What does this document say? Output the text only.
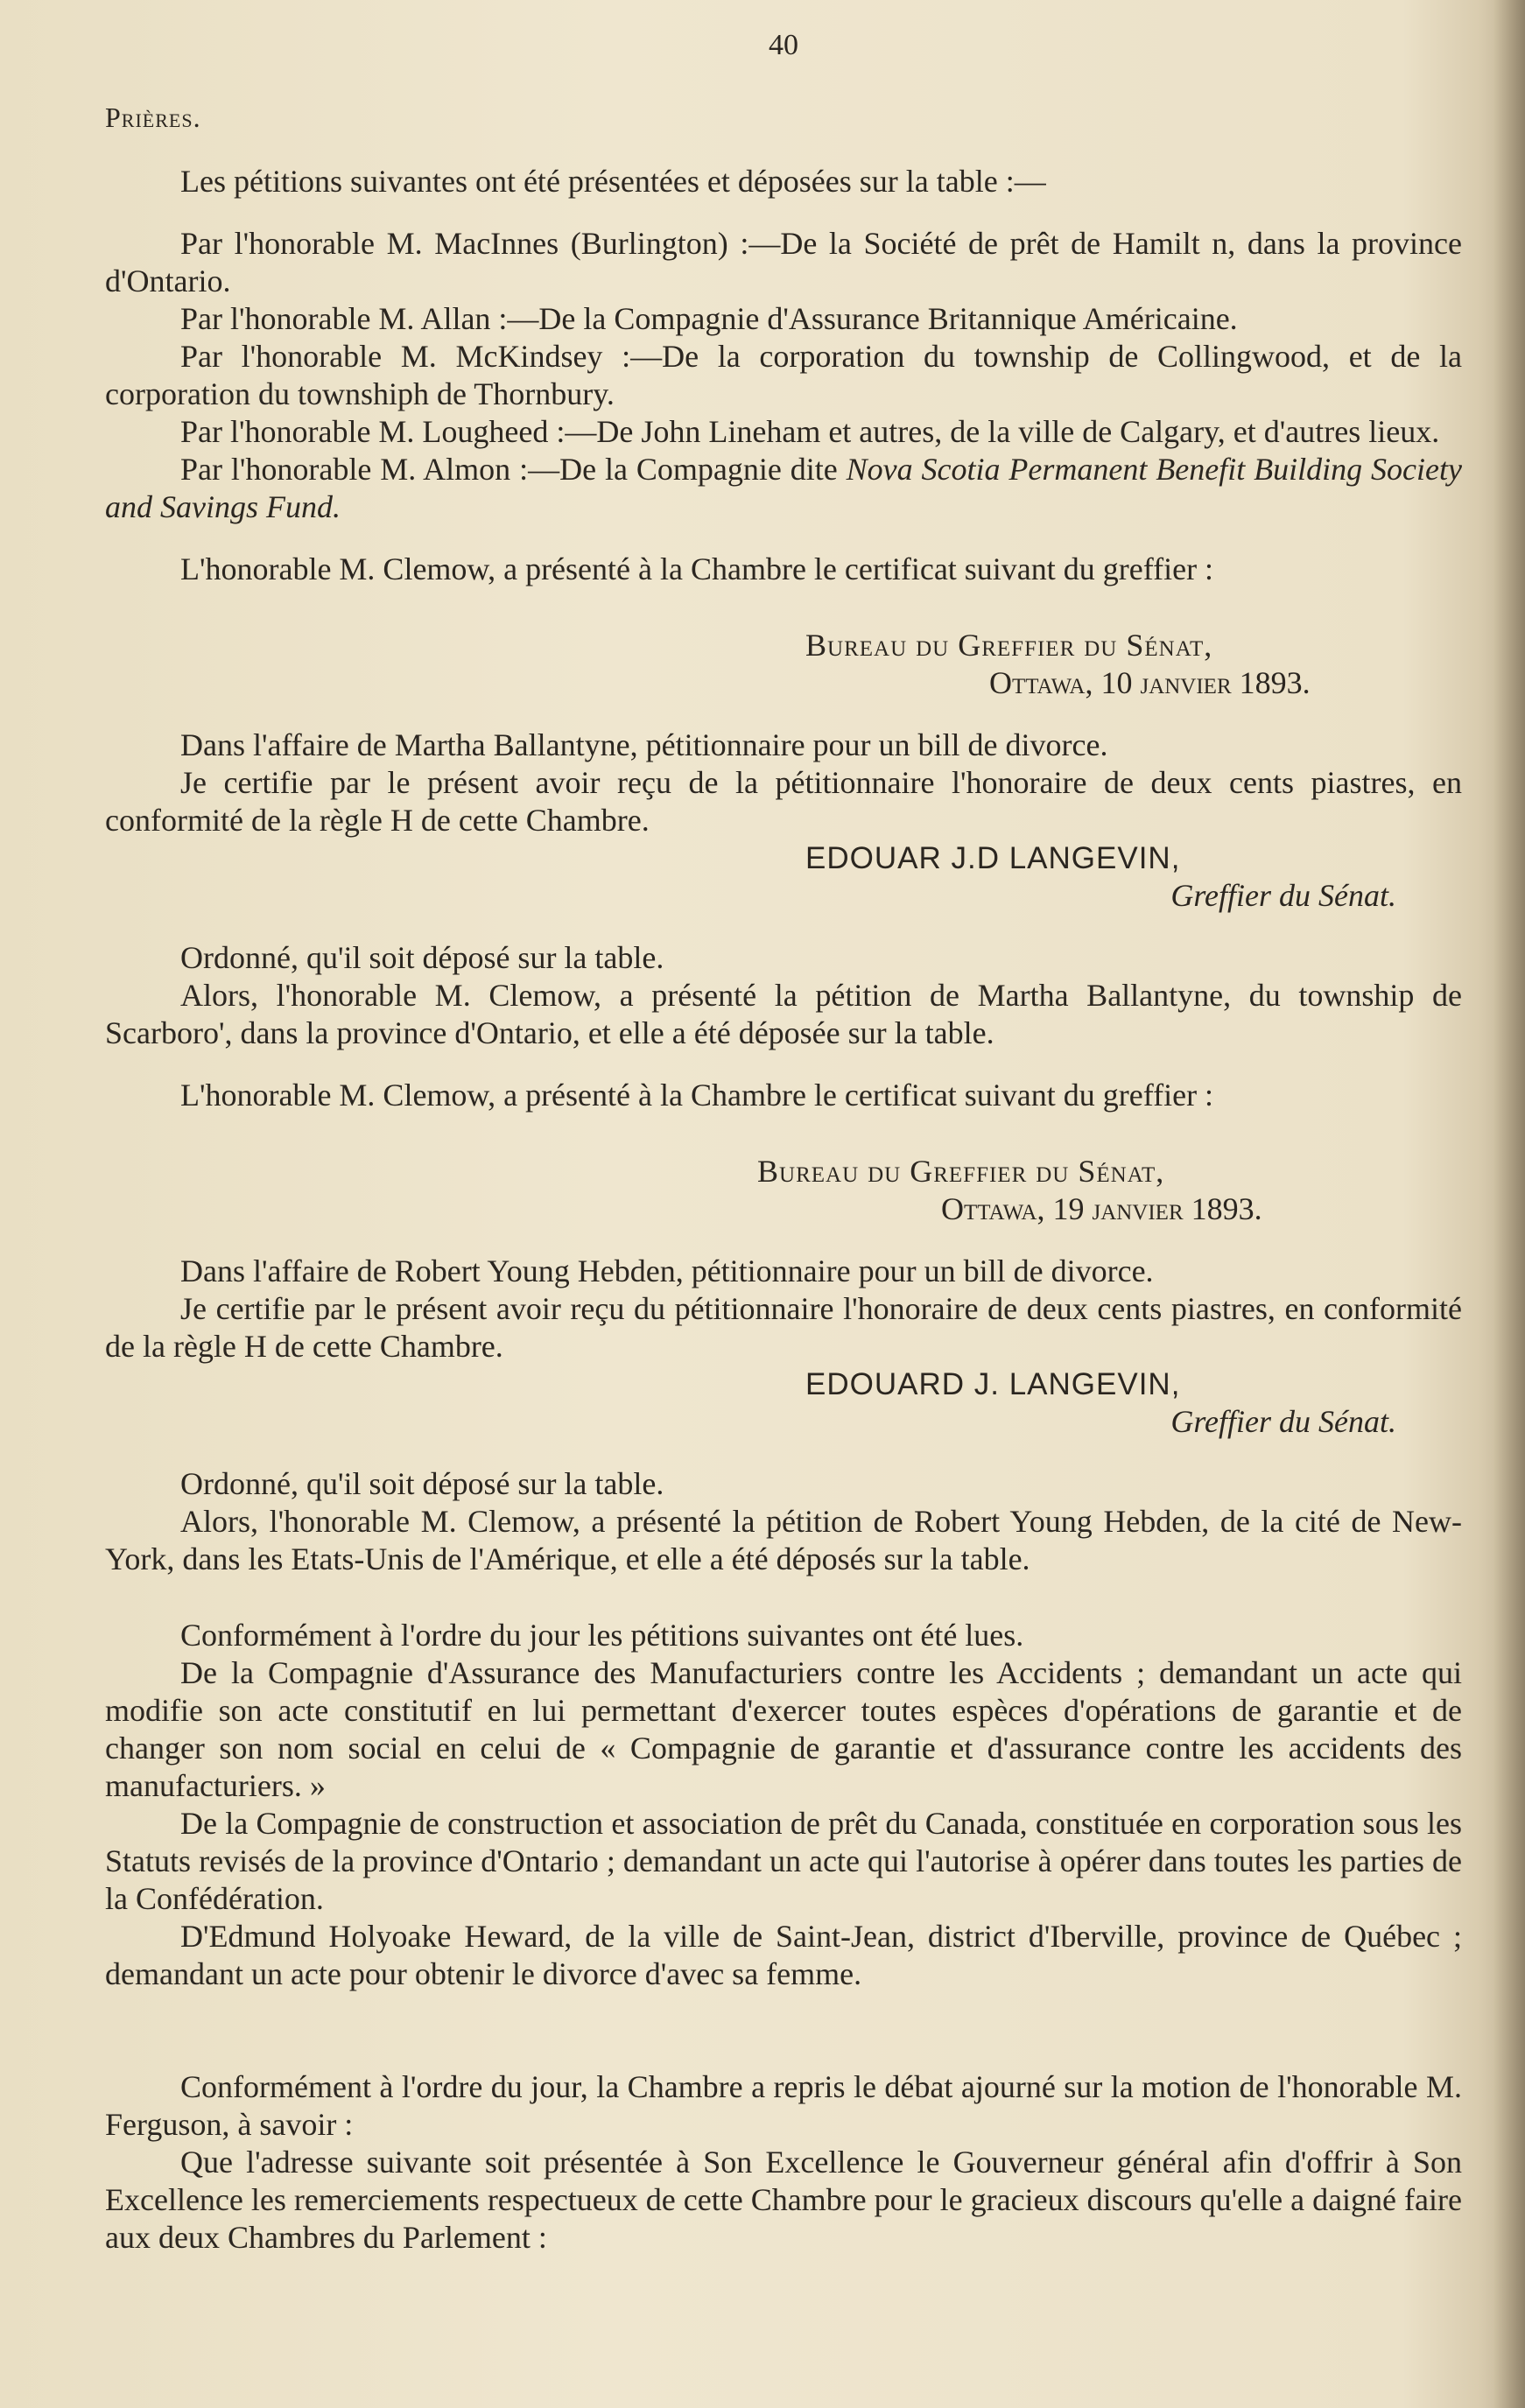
40
Prières.

Les pétitions suivantes ont été présentées et déposées sur la table :—

Par l'honorable M. MacInnes (Burlington) :—De la Société de prêt de Hamilt n, dans la province d'Ontario.

Par l'honorable M. Allan :—De la Compagnie d'Assurance Britannique Américaine.

Par l'honorable M. McKindsey :—De la corporation du township de Collingwood, et de la corporation du townshiph de Thornbury.

Par l'honorable M. Lougheed :—De John Lineham et autres, de la ville de Calgary, et d'autres lieux.

Par l'honorable M. Almon :—De la Compagnie dite Nova Scotia Permanent Benefit Building Society and Savings Fund.

L'honorable M. Clemow, a présenté à la Chambre le certificat suivant du greffier :

Bureau du Greffier du Sénat,
Ottawa, 10 janvier 1893.

Dans l'affaire de Martha Ballantyne, pétitionnaire pour un bill de divorce.

Je certifie par le présent avoir reçu de la pétitionnaire l'honoraire de deux cents piastres, en conformité de la règle H de cette Chambre.

EDOUAR J.D LANGEVIN,
Greffier du Sénat.

Ordonné, qu'il soit déposé sur la table.

Alors, l'honorable M. Clemow, a présenté la pétition de Martha Ballantyne, du township de Scarboro', dans la province d'Ontario, et elle a été déposée sur la table.

L'honorable M. Clemow, a présenté à la Chambre le certificat suivant du greffier :

Bureau du Greffier du Sénat,
Ottawa, 19 janvier 1893.

Dans l'affaire de Robert Young Hebden, pétitionnaire pour un bill de divorce.

Je certifie par le présent avoir reçu du pétitionnaire l'honoraire de deux cents piastres, en conformité de la règle H de cette Chambre.

EDOUARD J. LANGEVIN,
Greffier du Sénat.

Ordonné, qu'il soit déposé sur la table.

Alors, l'honorable M. Clemow, a présenté la pétition de Robert Young Hebden, de la cité de New-York, dans les Etats-Unis de l'Amérique, et elle a été déposés sur la table.

Conformément à l'ordre du jour les pétitions suivantes ont été lues.

De la Compagnie d'Assurance des Manufacturiers contre les Accidents ; demandant un acte qui modifie son acte constitutif en lui permettant d'exercer toutes espèces d'opérations de garantie et de changer son nom social en celui de « Compagnie de garantie et d'assurance contre les accidents des manufacturiers. »

De la Compagnie de construction et association de prêt du Canada, constituée en corporation sous les Statuts revisés de la province d'Ontario ; demandant un acte qui l'autorise à opérer dans toutes les parties de la Confédération.

D'Edmund Holyoake Heward, de la ville de Saint-Jean, district d'Iberville, province de Québec ; demandant un acte pour obtenir le divorce d'avec sa femme.

Conformément à l'ordre du jour, la Chambre a repris le débat ajourné sur la motion de l'honorable M. Ferguson, à savoir :

Que l'adresse suivante soit présentée à Son Excellence le Gouverneur général afin d'offrir à Son Excellence les remerciements respectueux de cette Chambre pour le gracieux discours qu'elle a daigné faire aux deux Chambres du Parlement :
